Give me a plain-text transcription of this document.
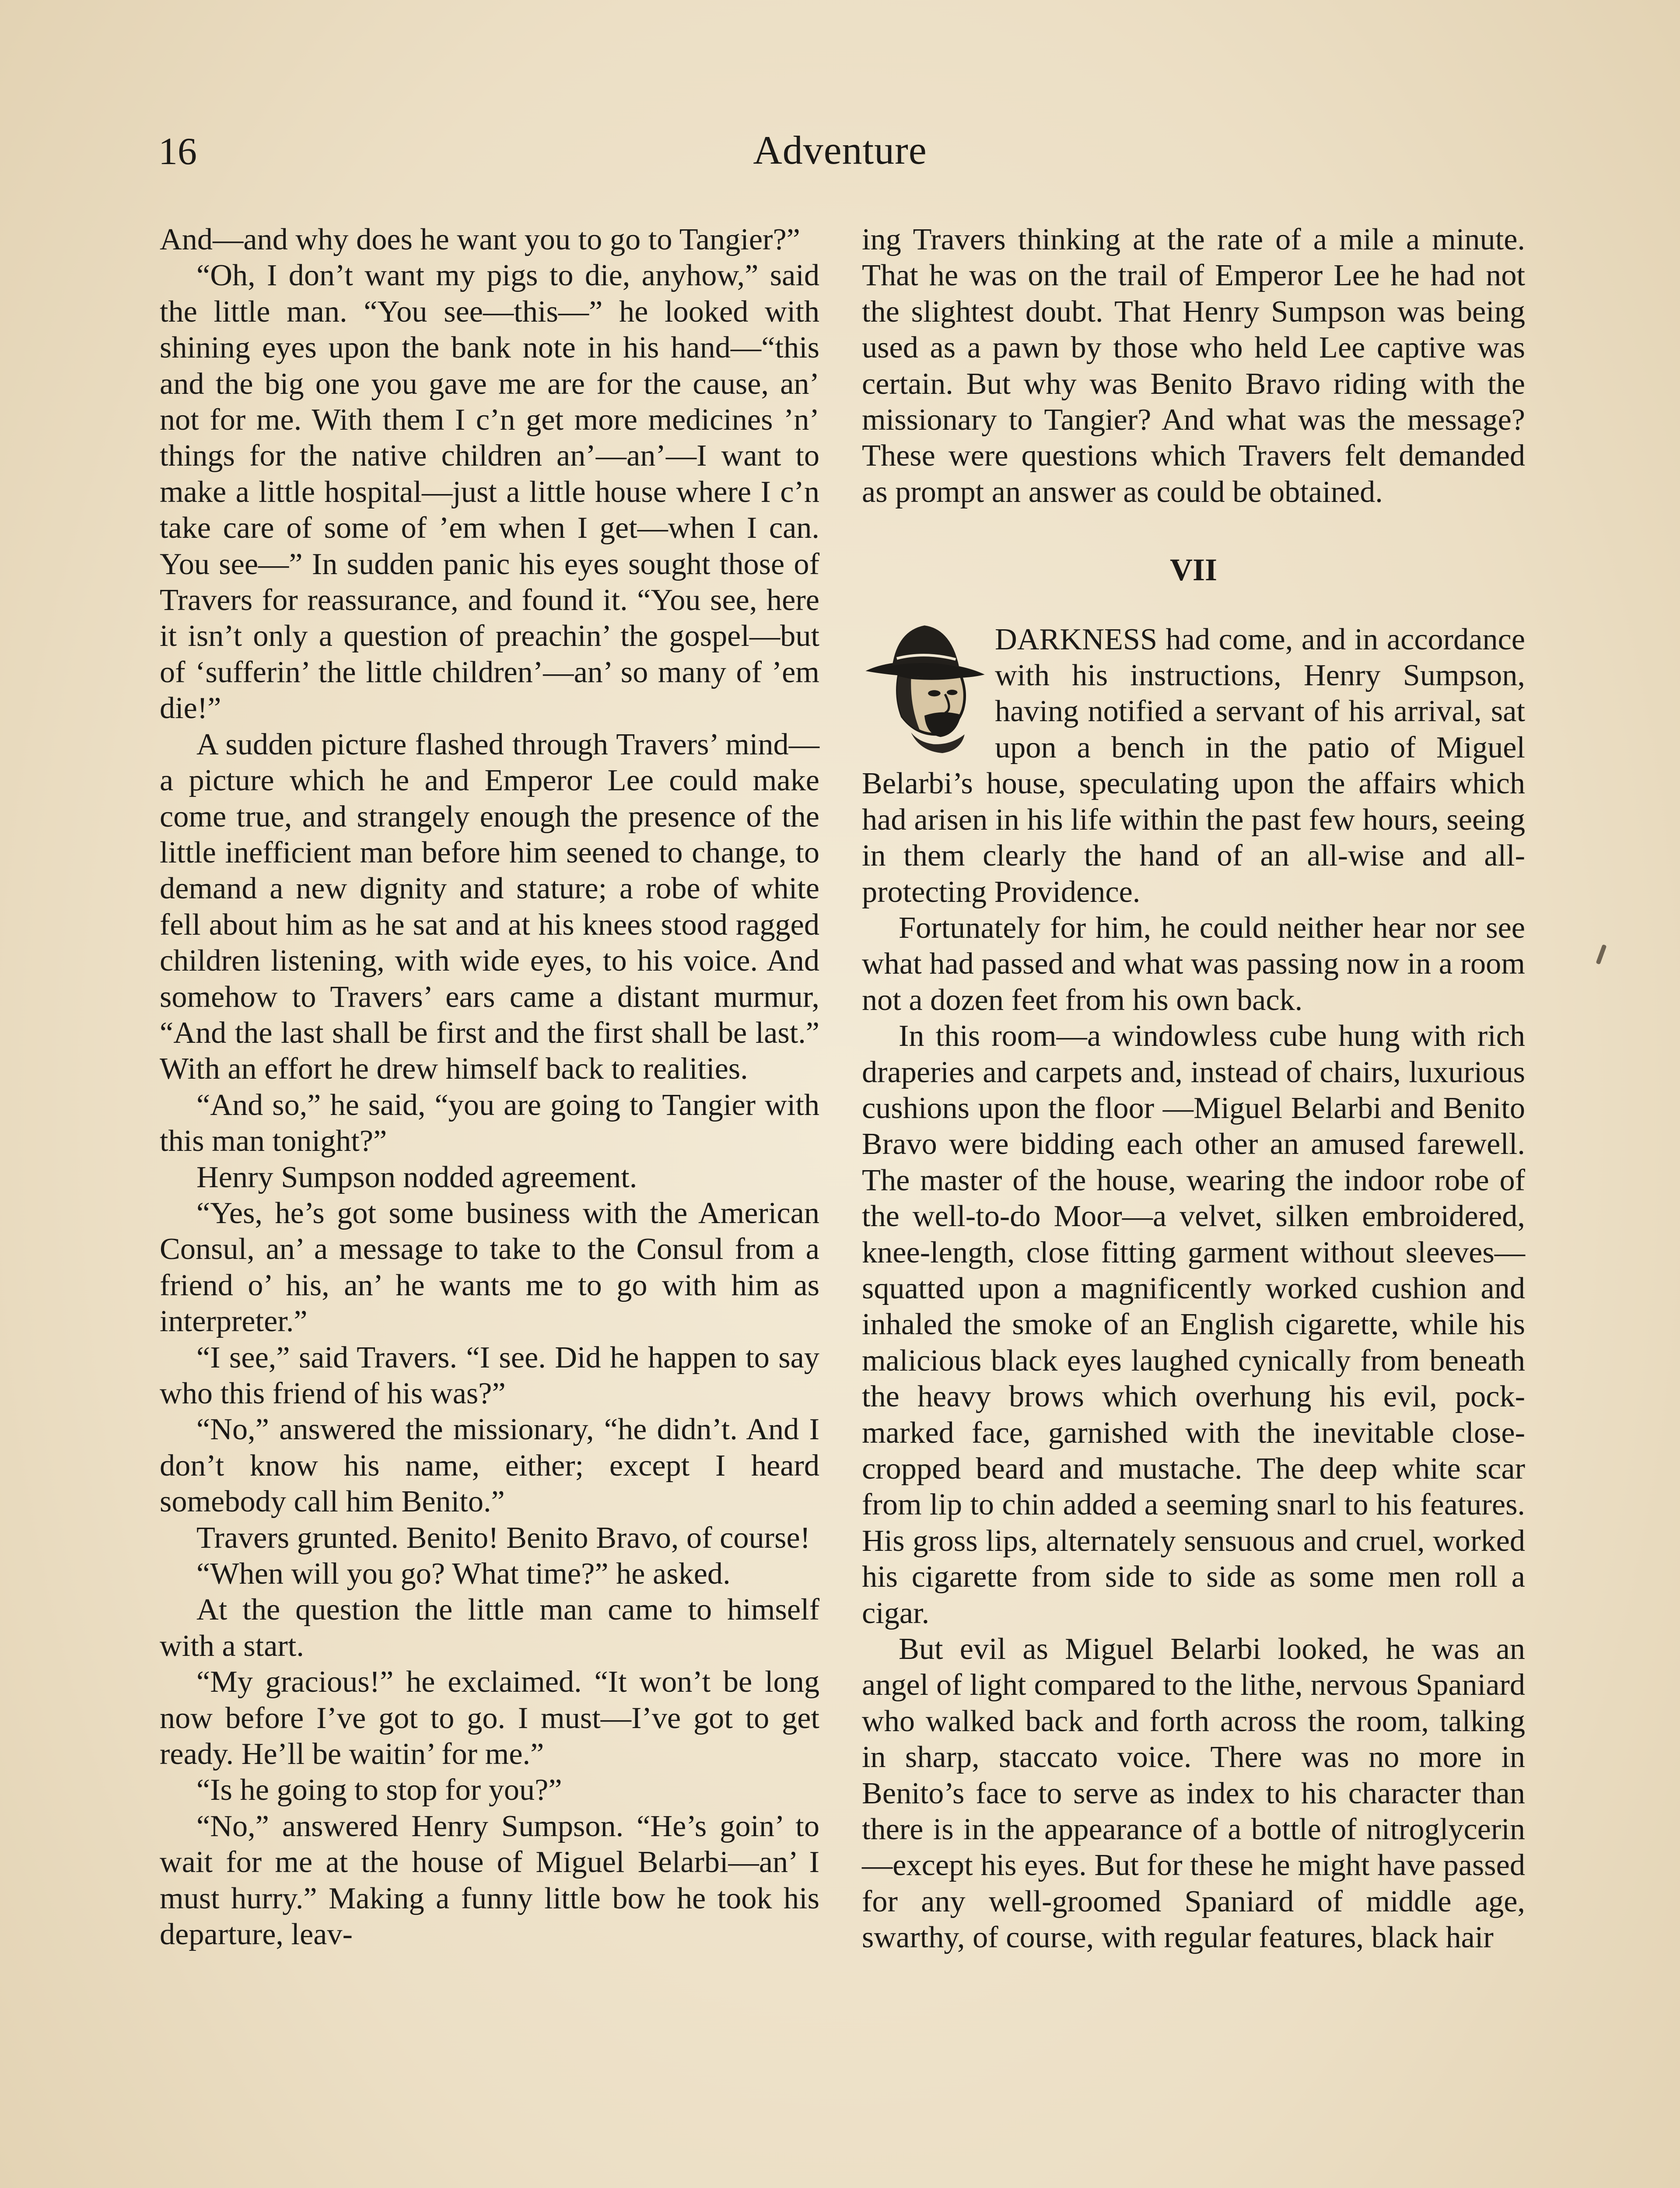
16	Adventure

And—and why does he want you to go to Tangier?”

“Oh, I don’t want my pigs to die, anyhow,” said the little man. “You see—this—” he looked with shining eyes upon the bank note in his hand—“this and the big one you gave me are for the cause, an’ not for me. With them I c’n get more medicines ’n’ things for the native children an’—an’—I want to make a little hospital—just a little house where I c’n take care of some of ’em when I get—when I can. You see—” In sudden panic his eyes sought those of Travers for reassurance, and found it. “You see, here it isn’t only a question of preachin’ the gospel—but of ‘sufferin’ the little children’—an’ so many of ’em die!”

A sudden picture flashed through Travers’ mind—a picture which he and Emperor Lee could make come true, and strangely enough the presence of the little inefficient man before him seened to change, to demand a new dignity and stature; a robe of white fell about him as he sat and at his knees stood ragged children listening, with wide eyes, to his voice. And somehow to Travers’ ears came a distant murmur, “And the last shall be first and the first shall be last.” With an effort he drew himself back to realities.

“And so,” he said, “you are going to Tangier with this man tonight?”

Henry Sumpson nodded agreement.

“Yes, he’s got some business with the American Consul, an’ a message to take to the Consul from a friend o’ his, an’ he wants me to go with him as interpreter.”

“I see,” said Travers. “I see. Did he happen to say who this friend of his was?”

“No,” answered the missionary, “he didn’t. And I don’t know his name, either; except I heard somebody call him Benito.”

Travers grunted. Benito! Benito Bravo, of course!

“When will you go? What time?” he asked.

At the question the little man came to himself with a start.

“My gracious!” he exclaimed. “It won’t be long now before I’ve got to go. I must—I’ve got to get ready. He’ll be waitin’ for me.”

“Is he going to stop for you?”

“No,” answered Henry Sumpson. “He’s goin’ to wait for me at the house of Miguel Belarbi—an’ I must hurry.” Making a funny little bow he took his departure, leav-

ing Travers thinking at the rate of a mile a minute. That he was on the trail of Emperor Lee he had not the slightest doubt. That Henry Sumpson was being used as a pawn by those who held Lee captive was certain. But why was Benito Bravo riding with the missionary to Tangier? And what was the message? These were questions which Travers felt demanded as prompt an answer as could be obtained.

VII

DARKNESS had come, and in accordance with his instructions, Henry Sumpson, having notified a servant of his arrival, sat upon a bench in the patio of Miguel Belarbi’s house, speculating upon the affairs which had arisen in his life within the past few hours, seeing in them clearly the hand of an all-wise and all-protecting Providence.

Fortunately for him, he could neither hear nor see what had passed and what was passing now in a room not a dozen feet from his own back.

In this room—a windowless cube hung with rich draperies and carpets and, instead of chairs, luxurious cushions upon the floor —Miguel Belarbi and Benito Bravo were bidding each other an amused farewell. The master of the house, wearing the indoor robe of the well-to-do Moor—a velvet, silken embroidered, knee-length, close fitting garment without sleeves—squatted upon a magnificently worked cushion and inhaled the smoke of an English cigarette, while his malicious black eyes laughed cynically from beneath the heavy brows which overhung his evil, pock-marked face, garnished with the inevitable close-cropped beard and mustache. The deep white scar from lip to chin added a seeming snarl to his features. His gross lips, alternately sensuous and cruel, worked his cigarette from side to side as some men roll a cigar.

But evil as Miguel Belarbi looked, he was an angel of light compared to the lithe, nervous Spaniard who walked back and forth across the room, talking in sharp, staccato voice. There was no more in Benito’s face to serve as index to his character than there is in the appearance of a bottle of nitroglycerin—except his eyes. But for these he might have passed for any well-groomed Spaniard of middle age, swarthy, of course, with regular features, black hair
